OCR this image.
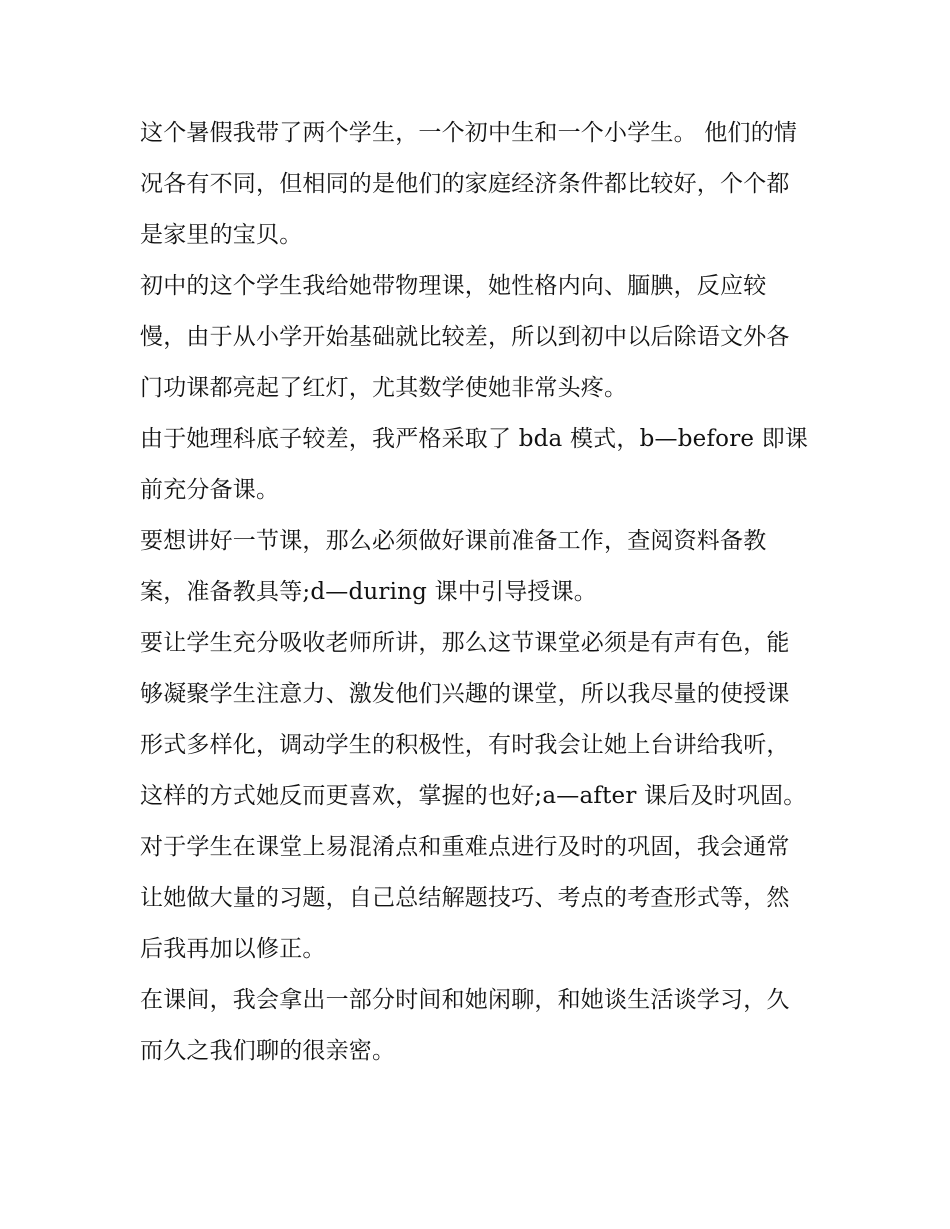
这个暑假我带了两个学生，一个初中生和一个小学生。 他们的情况各有不同，但相同的是他们的家庭经济条件都比较好，个个都是家里的宝贝。

初中的这个学生我给她带物理课，她性格内向、腼腆，反应较慢，由于从小学开始基础就比较差，所以到初中以后除语文外各门功课都亮起了红灯，尤其数学使她非常头疼。

由于她理科底子较差，我严格采取了 bda 模式，b—before 即课前充分备课。

要想讲好一节课，那么必须做好课前准备工作，查阅资料备教案，准备教具等;d—during 课中引导授课。

要让学生充分吸收老师所讲，那么这节课堂必须是有声有色，能够凝聚学生注意力、激发他们兴趣的课堂，所以我尽量的使授课形式多样化，调动学生的积极性，有时我会让她上台讲给我听，这样的方式她反而更喜欢，掌握的也好;a—after 课后及时巩固。

对于学生在课堂上易混淆点和重难点进行及时的巩固，我会通常让她做大量的习题，自己总结解题技巧、考点的考查形式等，然后我再加以修正。

在课间，我会拿出一部分时间和她闲聊，和她谈生活谈学习，久而久之我们聊的很亲密。
